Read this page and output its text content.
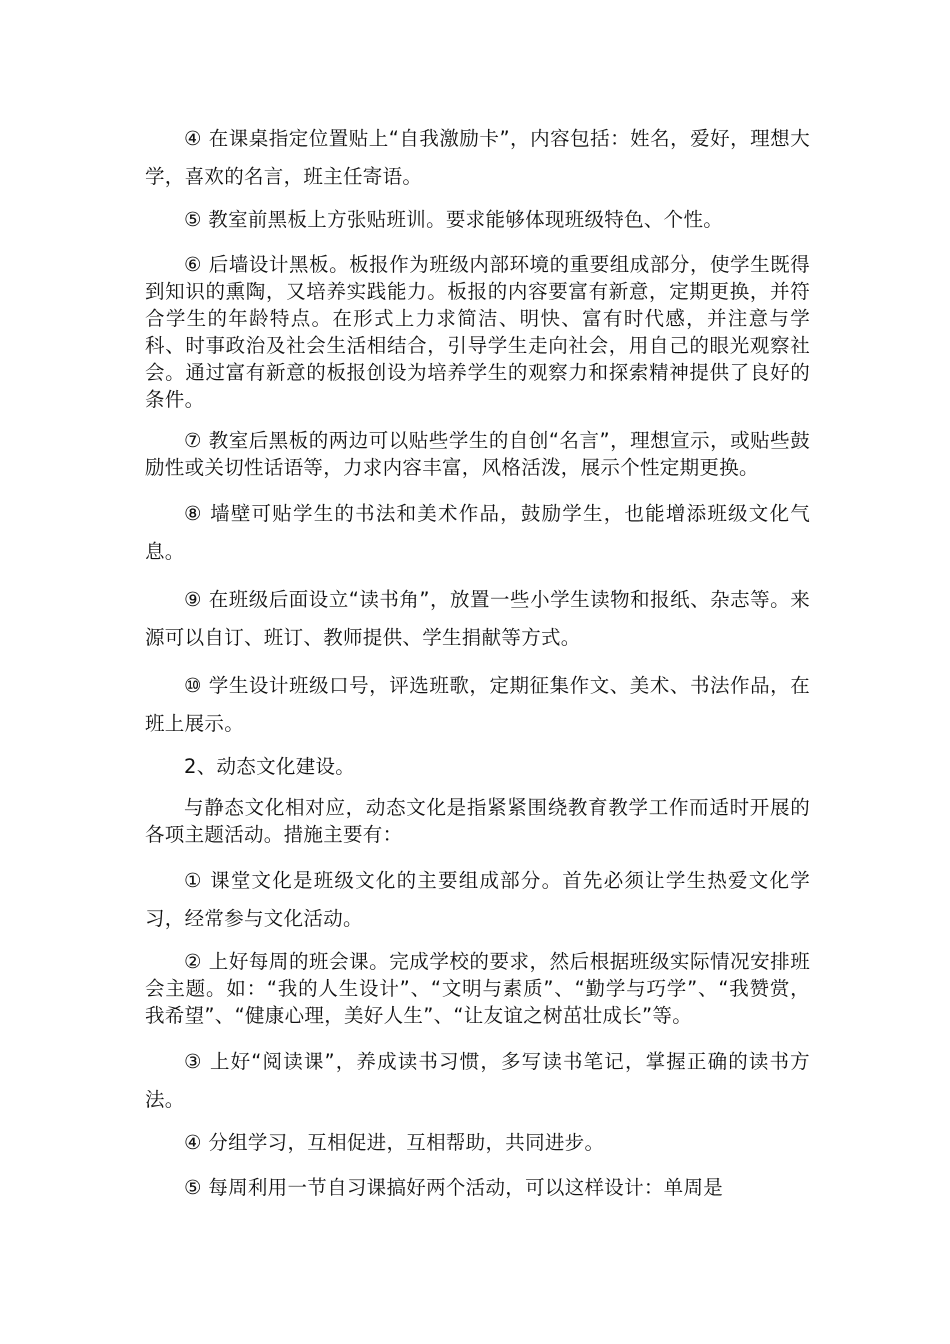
④ 在课桌指定位置贴上“自我激励卡”，内容包括：姓名，爱好，理想大学，喜欢的名言，班主任寄语。

⑤ 教室前黑板上方张贴班训。要求能够体现班级特色、个性。

⑥ 后墙设计黑板。板报作为班级内部环境的重要组成部分，使学生既得到知识的熏陶，又培养实践能力。板报的内容要富有新意，定期更换，并符合学生的年龄特点。在形式上力求简洁、明快、富有时代感，并注意与学科、时事政治及社会生活相结合，引导学生走向社会，用自己的眼光观察社会。通过富有新意的板报创设为培养学生的观察力和探索精神提供了良好的条件。

⑦ 教室后黑板的两边可以贴些学生的自创“名言”，理想宣示，或贴些鼓励性或关切性话语等，力求内容丰富，风格活泼，展示个性定期更换。

⑧ 墙壁可贴学生的书法和美术作品，鼓励学生，也能增添班级文化气息。

⑨ 在班级后面设立“读书角”，放置一些小学生读物和报纸、杂志等。来源可以自订、班订、教师提供、学生捐献等方式。

⑩ 学生设计班级口号，评选班歌，定期征集作文、美术、书法作品，在班上展示。

2、动态文化建设。

与静态文化相对应，动态文化是指紧紧围绕教育教学工作而适时开展的各项主题活动。措施主要有：

① 课堂文化是班级文化的主要组成部分。首先必须让学生热爱文化学习，经常参与文化活动。

② 上好每周的班会课。完成学校的要求，然后根据班级实际情况安排班会主题。如：“我的人生设计”、“文明与素质”、“勤学与巧学”、“我赞赏，我希望”、“健康心理，美好人生”、“让友谊之树茁壮成长”等。

③ 上好“阅读课”，养成读书习惯，多写读书笔记，掌握正确的读书方法。

④ 分组学习，互相促进，互相帮助，共同进步。

⑤ 每周利用一节自习课搞好两个活动，可以这样设计：单周是
